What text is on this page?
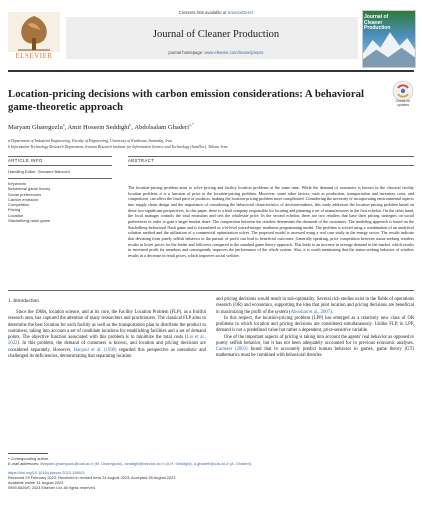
Contents lists available at ScienceDirect
ELSEVIER
Journal of Cleaner Production
journal homepage: www.elsevier.com/locate/jclepro
Journal of
Cleaner
Production
Check for updates
Location-pricing decisions with carbon emission considerations: A behavioral game-theoretic approach
Maryam Gharegozlu$^a$, Amir Hossein Seddighi$^b$, Abdolsalam Ghaderi$^{a,*}$
a Department of Industrial Engineering, Faculty of Engineering, University of Kurdistan, Sanandaj, Iran
b Information Technology Research Department, Iranian Research Institute for Information Science and Technology (IranDoc), Tehran, Iran
ARTICLE INFO	ABSTRACT
Handling Editor: Giovanni Baiocchi
Keywords:
Behavioral game theory
Social preferences
Carbon emission
Competition
Pricing
Location
Stackelberg-nash game
The location-pricing problem aims to solve pricing and facility location problems at the same time. While the demand of customers is known in the classical facility location problem, it is a function of price in the location-pricing problem. Moreover, some other factors, such as production, transportation and inventory costs, and competition, can affect the final price of products, making the location-pricing problem more complicated. Considering the necessity of incorporating environmental aspects into supply chain design and the importance of considering the behavioral characteristics of decision-makers, this study addresses the location-pricing problem based on these two significant perspectives. In this paper, there is a lead company responsible for locating and planning a set of manufacturers in the first echelon. On the other hand, the focal manager controls the total emissions and sets the wholesale price. In the second echelon, there are two retailers that base their pricing strategies on social preferences in order to gain a larger market share. The competition between the retailers determines the demands of the customers. The modeling approach is based on the Stackelberg-behavioral Nash game and is formulated as a bi-level mixed-integer nonlinear programming model. The problem is solved using a combination of an analytical solution method and the utilization of a commercial optimization solver. The proposed model is assessed using a real case study in the energy sector. The results indicate that deviating from purely selfish behavior in the pursuit of profit can lead to beneficial outcomes. Generally speaking, price competition between status-seeking retailers results in lower prices for the leader and followers compared to the standard game theory approach. This leads to an increase in average demand in the market, which results in increased profit for members and consequently improves the performance of the whole system. Also, it is worth mentioning that the status-seeking behavior of retailers results in a decrease in retail prices, which improves social welfare.
1. Introduction

Since the 1960s, location science, and at its core, the Facility Location Problem (FLP), as a fruitful research area, has captured the attention of many researchers and practitioners. The classical FLP aims to determine the best location for each facility as well as the transportation plan to distribute the product to customers, taking into account a set of candidate locations for establishing facilities and a set of demand points. The objective function associated with this problem is to minimize the total costs (Liu et al., 2022). In this problem, the demand of customers is known, and location and pricing decisions are considered separately. However, Hanjoul et al. (1990) regarded this perspective as unrealistic and challenged its deficiencies, demonstrating that separating location

and pricing decisions would result in sub-optimality. Several rich studies exist in the fields of operations research (OR) and economics, supporting the idea that joint location and pricing decisions are beneficial in maximizing the profit of the system (Aboolian et al., 2007).

In this respect, the location-pricing problem (LPP) has emerged as a relatively new class of OR problems in which location and pricing decisions are considered simultaneously. Unlike FLP, in LPP, demand is not a predefined value but rather a dependent, price-sensitive variable.

One of the important aspects of pricing is taking into account the agents' real behavior as opposed to purely selfish behavior, but it has not been adequately accounted for in previous economic analyses. Camerer (2003) found that to accurately predict human behavior in games, game theory (GT) mathematics must be combined with behavioral theories

* Corresponding author.
E-mail addresses: Maryam.gharegozlu@uok.ac.ir (M. Gharegozlu), seddighi@irandoc.ac.ir (A.H. Seddighi), a.ghaderi@uok.ac.ir (A. Ghaderi).
https://doi.org/10.1016/j.jclepro.2023.138621
Received 25 February 2023; Received in revised form 24 August 2023; Accepted 28 August 2023
Available online 31 August 2023
0959-6526/© 2023 Elsevier Ltd. All rights reserved.
